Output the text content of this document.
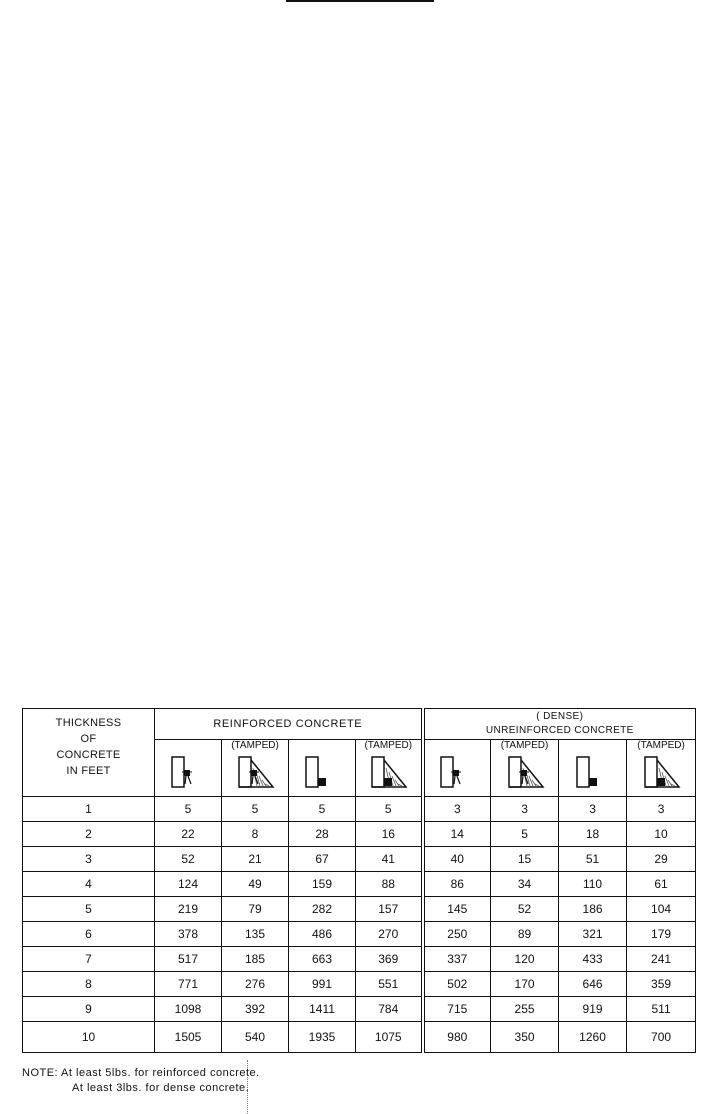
THICKNESS
OF
CONCRETE
IN FEET	REINFORCED CONCRETE				( DENSE)
UNREINFORCED CONCRETE			

(TAMPED)		(TAMPED)		(TAMPED)		(TAMPED)

1	5	5	5	5	3	3	3	3
2	22	8	28	16	14	5	18	10
3	52	21	67	41	40	15	51	29
4	124	49	159	88	86	34	110	61
5	219	79	282	157	145	52	186	104
6	378	135	486	270	250	89	321	179
7	517	185	663	369	337	120	433	241
8	771	276	991	551	502	170	646	359
9	1098	392	1411	784	715	255	919	511
10	1505	540	1935	1075	980	350	1260	700
NOTE: At least 5lbs. for reinforced concrete.
At least 3lbs. for dense concrete.
